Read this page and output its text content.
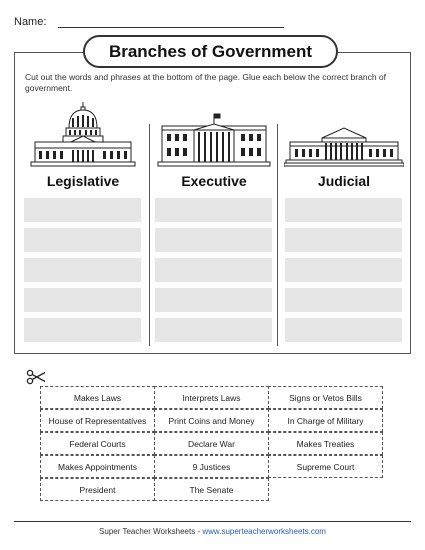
Name:
Branches of Government
Cut out the words and phrases at the bottom of the page. Glue each below the correct branch of government.
Legislative	Executive	Judicial
Makes Laws	Interprets Laws	Signs or Vetos Bills
House of Representatives	Print Coins and Money	In Charge of Military
Federal Courts	Declare War	Makes Treaties
Makes Appointments	9 Justices	Supreme Court
President	The Senate
Super Teacher Worksheets - www.superteacherworksheets.com
